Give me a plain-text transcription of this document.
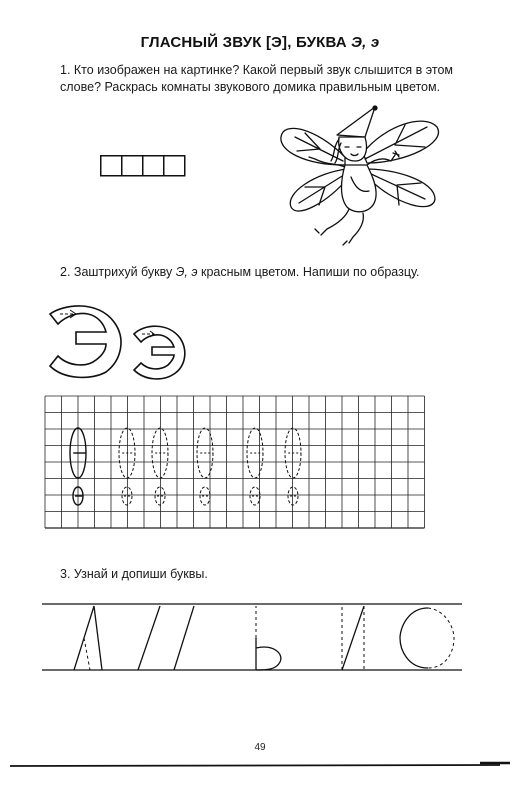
ГЛАСНЫЙ ЗВУК [Э], БУКВА Э, э
1. Кто изображен на картинке? Какой первый звук слышится в этом слове? Раскрась комнаты звукового домика правильным цветом.
2. Заштрихуй букву Э, э красным цветом. Напиши по образцу.
3. Узнай и допиши буквы.
49
